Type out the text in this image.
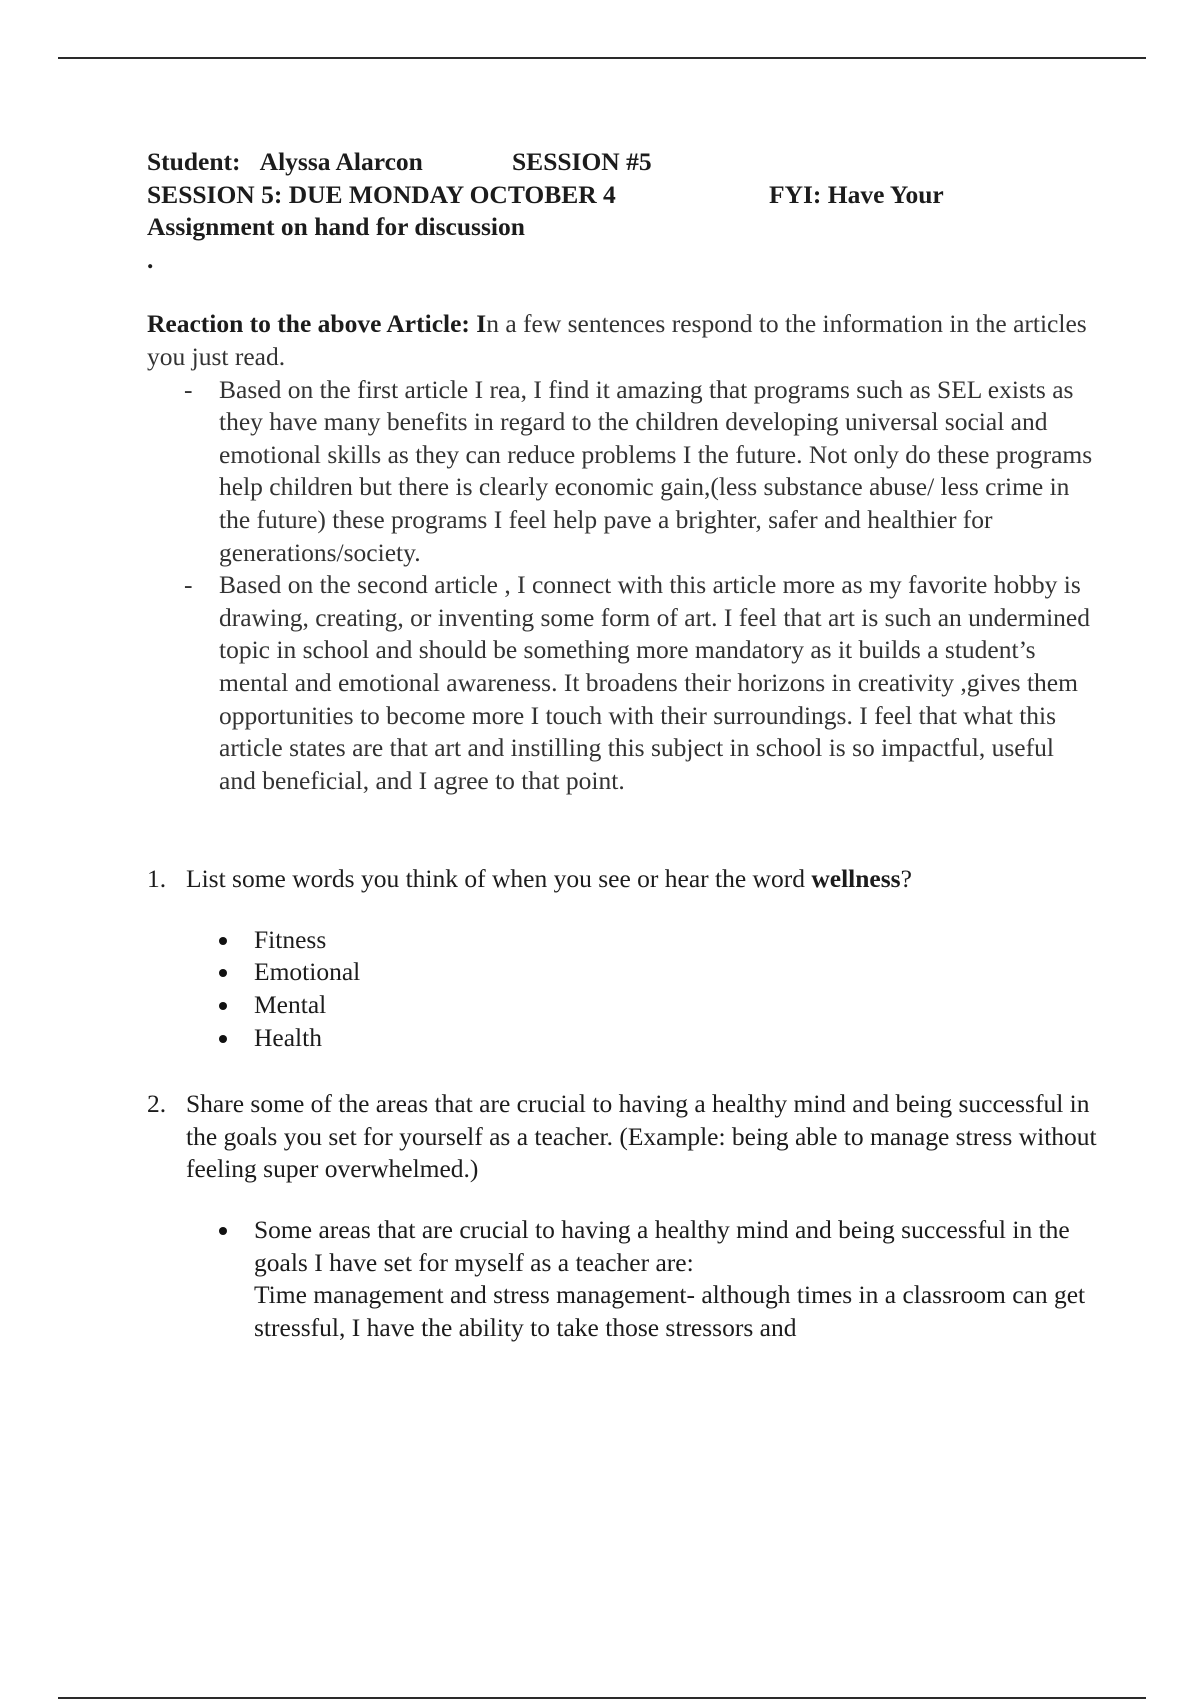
Student: Alyssa Alarcon	SESSION #5
SESSION 5: DUE MONDAY OCTOBER 4	FYI: Have Your
Assignment on hand for discussion
.
Reaction to the above Article: In a few sentences respond to the information in the articles you just read.
- Based on the first article I rea, I find it amazing that programs such as SEL exists as they have many benefits in regard to the children developing universal social and emotional skills as they can reduce problems I the future. Not only do these programs help children but there is clearly economic gain,(less substance abuse/ less crime in the future) these programs I feel help pave a brighter, safer and healthier for generations/society.
- Based on the second article , I connect with this article more as my favorite hobby is drawing, creating, or inventing some form of art. I feel that art is such an undermined topic in school and should be something more mandatory as it builds a student’s mental and emotional awareness. It broadens their horizons in creativity ,gives them opportunities to become more I touch with their surroundings. I feel that what this article states are that art and instilling this subject in school is so impactful, useful and beneficial, and I agree to that point.
1. List some words you think of when you see or hear the word wellness?
Fitness
Emotional
Mental
Health
2. Share some of the areas that are crucial to having a healthy mind and being successful in the goals you set for yourself as a teacher. (Example: being able to manage stress without feeling super overwhelmed.)
Some areas that are crucial to having a healthy mind and being successful in the goals I have set for myself as a teacher are:
Time management and stress management- although times in a classroom can get stressful, I have the ability to take those stressors and
